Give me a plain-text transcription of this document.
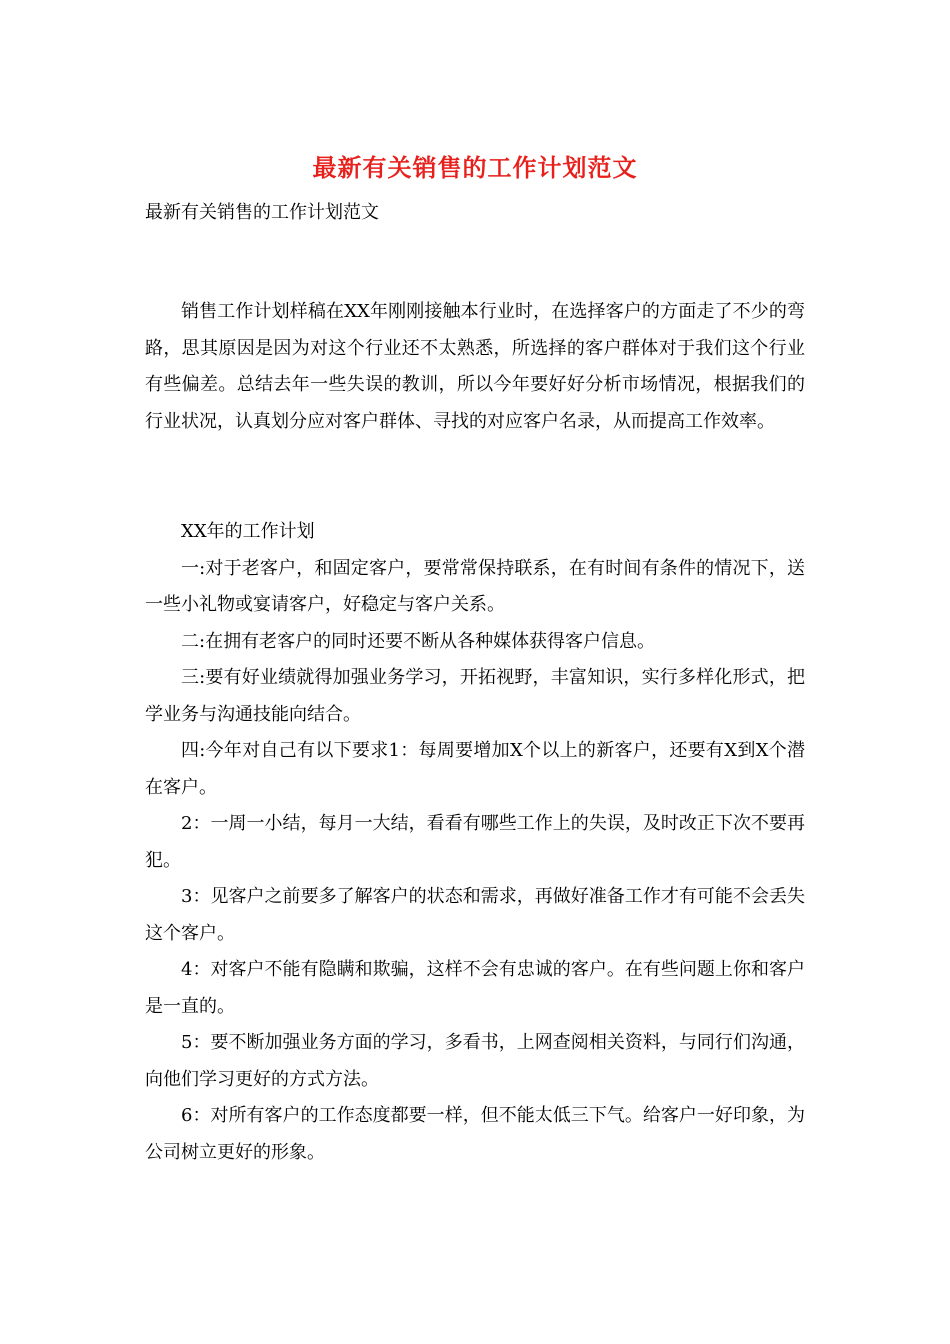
最新有关销售的工作计划范文
最新有关销售的工作计划范文

销售工作计划样稿在XX年刚刚接触本行业时，在选择客户的方面走了不少的弯路，思其原因是因为对这个行业还不太熟悉，所选择的客户群体对于我们这个行业有些偏差。总结去年一些失误的教训，所以今年要好好分析市场情况，根据我们的行业状况，认真划分应对客户群体、寻找的对应客户名录，从而提高工作效率。

XX年的工作计划

一:对于老客户，和固定客户，要常常保持联系，在有时间有条件的情况下，送一些小礼物或宴请客户，好稳定与客户关系。

二:在拥有老客户的同时还要不断从各种媒体获得客户信息。

三:要有好业绩就得加强业务学习，开拓视野，丰富知识，实行多样化形式，把学业务与沟通技能向结合。

四:今年对自己有以下要求1：每周要增加X个以上的新客户，还要有X到X个潜在客户。

2：一周一小结，每月一大结，看看有哪些工作上的失误，及时改正下次不要再犯。

3：见客户之前要多了解客户的状态和需求，再做好准备工作才有可能不会丢失这个客户。

4：对客户不能有隐瞒和欺骗，这样不会有忠诚的客户。在有些问题上你和客户是一直的。

5：要不断加强业务方面的学习，多看书，上网查阅相关资料，与同行们沟通，向他们学习更好的方式方法。

6：对所有客户的工作态度都要一样，但不能太低三下气。给客户一好印象，为公司树立更好的形象。
